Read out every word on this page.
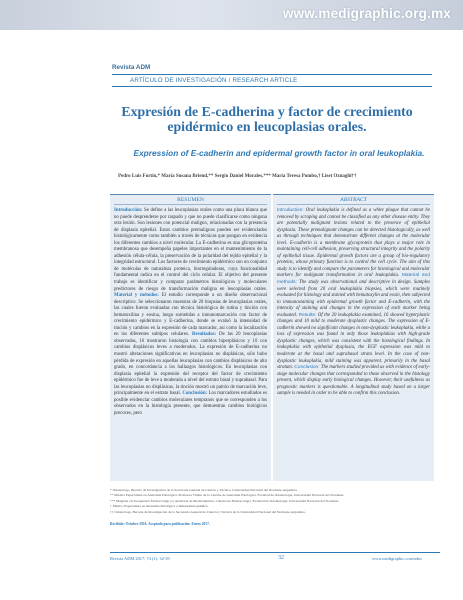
www.medigraphic.org.mx
Revista ADM
ARTÍCULO DE INVESTIGACIÓN / RESEARCH ARTICLE
Expresión de E-cadherina y factor de crecimiento epidérmico en leucoplasias orales.
Expression of E-cadherin and epidermal growth factor in oral leukoplakia.
Pedro Luis Fortín,* María Susana Briend,** Sergio Daniel Morales,*** María Teresa Pombo,† Liset Oznaghi††
RESUMEN
Introducción: Se define a las leucoplasias orales como una placa blanca que no puede desprenderse por raspado y que no puede clasificarse como ninguna otra lesión. Son lesiones con potencial maligno, relacionadas con la presencia de displasia epitelial. Estos cambios premalignos pueden ser evidenciados histológicamente como también a través de técnicas que pongan en evidencia los diferentes cambios a nivel molecular. La E-cadherina es una glicoproteína membranosa que desempeña papeles importantes en el mantenimiento de la adhesión célula-célula, la preservación de la polaridad del tejido epitelial y la integridad estructural. Los factores de crecimiento epidérmico son un conjunto de moléculas de naturaleza proteica, biorreguladoras, cuya funcionalidad fundamental radica en el control del ciclo celular. El objetivo del presente trabajo es identificar y comparar parámetros histológicos y moleculares predictores de riesgo de transformación maligna en leucoplasias orales. Material y métodos: El estudio corresponde a un diseño observacional descriptivo. Se seleccionaron muestras de 20 biopsias de leucoplasias orales, las cuales fueron evaluadas con técnica histológica de rutina y tinción con hematoxilina y eosina, luego sometidas a inmunomarcación con factor de crecimiento epidérmico y E-cadherina, donde se evaluó la intensidad de tinción y cambios en la expresión de cada marcador, así como la localización en los diferentes subtipos celulares. Resultados: De las 20 leucoplasias observadas, 16 mostraron histología con cambios hiperplásicos y 10 con cambios displásicos leves a moderados. La expresión de E-cadherina no mostró alteraciones significativas en leucoplasias no displásicas, sólo hubo pérdida de expresión en aquellas leucoplasias con cambios displásicos de alto grado, en concordancia a los hallazgos histológicos. En leucoplasias con displasia epitelial la expresión del receptor del factor de crecimiento epidérmico fue de leve a moderada a nivel del estrato basal y suprabasal. Para las leucoplasias no displásicas, la tinción mostró un patrón de marcación leve, principalmente en el estrato basal. Conclusión: Los marcadores estudiados es posible evidenciar cambios moleculares tempranos que se corresponden a los observados en la histología presente, que demuestran cambios biológicos precoces, pero
ABSTRACT
Introduction: Oral leukoplakia is defined as a white plaque that cannot be removed by scraping and cannot be classified as any other disease entity. They are potentially malignant lesions related to the presence of epithelial dysplasia. These premalignant changes can be detected histologically, as well as through techniques that demonstrate different changes at the molecular level. E-cadherin is a membrane glycoprotein that plays a major role in maintaining cell-cell adhesion, preserving structural integrity and the polarity of epithelial tissue. Epidermal growth factors are a group of bio-regulatory proteins, whose primary function is to control the cell cycle. The aim of this study is to identify and compare the parameters for histological and molecular markers for malignant transformation in oral leukoplakia. Material and methods: The study was observational and descriptive in design. Samples were selected from 20 oral leukoplakia biopsies, which were routinely evaluated for histology and stained with hematoxylin and eosin, then subjected to immunostaining with epidermal growth factor and E-cadherin, with the intensity of staining and changes in the expression of each marker being evaluated. Results: Of the 20 leukoplakia examined, 16 showed hyperplastic changes and 10 mild to moderate dysplastic changes. The expression of E-cadherin showed no significant changes in non-dysplastic leukoplakia, while a loss of expression was found in only those leukoplakias with high-grade dysplastic changes, which was consistent with the histological findings. In leukoplakia with epithelial dysplasia, the EGF expression was mild to moderate at the basal and suprabasal strata level. In the case of non-dysplastic leukoplakia, mild staining was apparent, primarily in the basal stratum. Conclusion: The markers studied provided us with evidence of early-stage molecular changes that corresponded to those observed in the histology present, which display early biological changes. However, their usefulness as prognostic markers is questionable. A longitudinal study based on a larger sample is needed in order to be able to confirm this conclusion.
* Odontólogo, Becario de Investigación de la Secretaría General de Ciencia y Técnica. Universidad Nacional del Nordeste-Argentina.
** Médica Especialista en Anatomía Patológica. Profesora Titular de la Cátedra de Anatomía Patológica. Facultad de Odontología, Universidad Nacional del Nordeste.
*** Magíster en Terapéutica Farmacológica y Auditoría de Medicamentos. Cátedra de Farmacología. Facultad de Odontología, Universidad Nacional del Nordeste.
† Médico Especialista en Anatomía Patológica e Inmunohistoquímica.
†† Odontóloga, Becaria de Investigación de la Secretaría General de Ciencia y Técnica de la Universidad Nacional del Nordeste-Argentina.
Recibido: Octubre 2016. Aceptado para publicación: Enero 2017.
Revista ADM 2017; 74 (1): 32-39	32	www.medigraphic.com/adm
